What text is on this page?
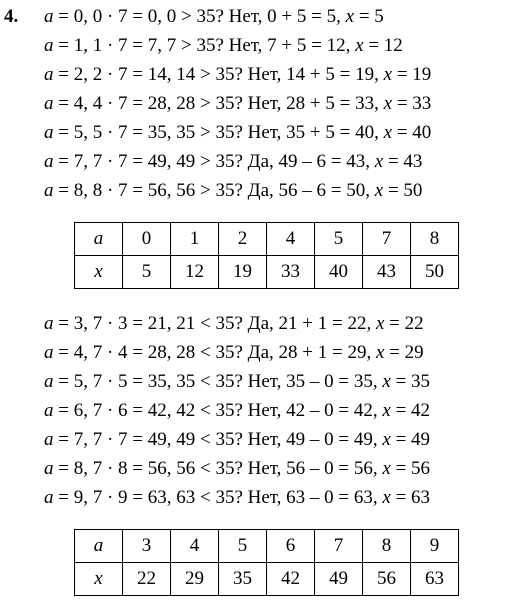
4. a = 0, 0 · 7 = 0, 0 > 35? Нет, 0 + 5 = 5, x = 5
a = 1, 1 · 7 = 7, 7 > 35? Нет, 7 + 5 = 12, x = 12
a = 2, 2 · 7 = 14, 14 > 35? Нет, 14 + 5 = 19, x = 19
a = 4, 4 · 7 = 28, 28 > 35? Нет, 28 + 5 = 33, x = 33
a = 5, 5 · 7 = 35, 35 > 35? Нет, 35 + 5 = 40, x = 40
a = 7, 7 · 7 = 49, 49 > 35? Да, 49 – 6 = 43, x = 43
a = 8, 8 · 7 = 56, 56 > 35? Да, 56 – 6 = 50, x = 50
a	0	1	2	4	5	7	8
x	5	12	19	33	40	43	50
a = 3, 7 · 3 = 21, 21 < 35? Да, 21 + 1 = 22, x = 22
a = 4, 7 · 4 = 28, 28 < 35? Да, 28 + 1 = 29, x = 29
a = 5, 7 · 5 = 35, 35 < 35? Нет, 35 – 0 = 35, x = 35
a = 6, 7 · 6 = 42, 42 < 35? Нет, 42 – 0 = 42, x = 42
a = 7, 7 · 7 = 49, 49 < 35? Нет, 49 – 0 = 49, x = 49
a = 8, 7 · 8 = 56, 56 < 35? Нет, 56 – 0 = 56, x = 56
a = 9, 7 · 9 = 63, 63 < 35? Нет, 63 – 0 = 63, x = 63
a	3	4	5	6	7	8	9
x	22	29	35	42	49	56	63
